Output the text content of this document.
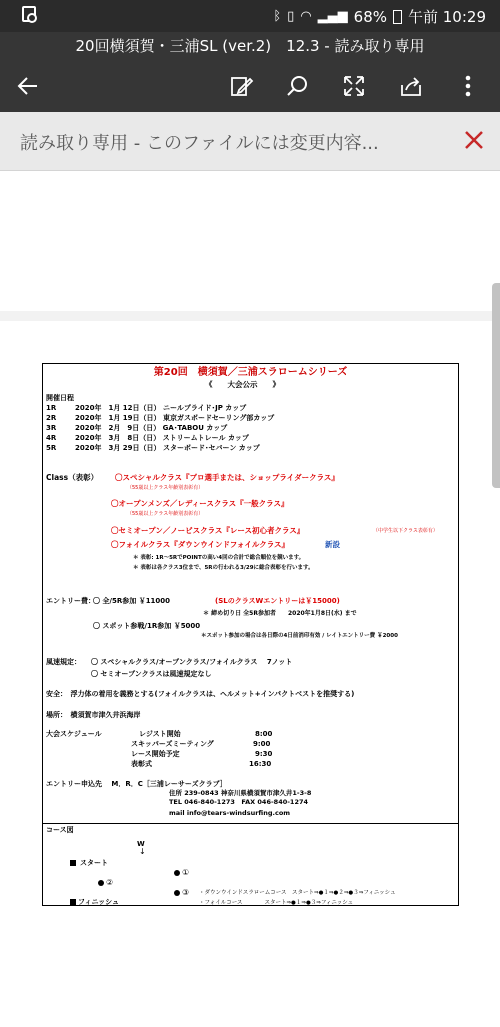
ᛒ ▯ ◠ ▂▄▆ 68% 午前 10:29
20回横須賀・三浦SL (ver.2)　12.3 - 読み取り専用
読み取り専用 - このファイルには変更内容...
第20回　横須賀／三浦スラロームシリーズ
《　　大会公示　　》
開催日程
1R	2020年　1月 12日（日） ニールプライド･JP カップ
2R	2020年　1月 19日（日） 東京ガスボードセーリング部カップ
3R	2020年　2月　9日（日） GA･TABOU カップ
4R	2020年　3月　8日（日） ストリームトレール カップ
5R	2020年　3月 29日（日） スターボード･セバーン カップ
Class（表彰） 〇スペシャルクラス『プロ選手または、ショップライダークラス』
（55歳以上クラス年齢別表彰有）
〇オープンメンズ／レディースクラス『一般クラス』
（55歳以上クラス年齢別表彰有）
〇セミオープン／ノービスクラス『レース初心者クラス』	（中学生以下クラス表彰有）
〇フォイルクラス『ダウンウインドフォイルクラス』	新設
＊ 表彰: 1R～5RでPOINTの高い4回の合計で総合順位を競います。
＊ 表彰は各クラス3位まで、5Rの行われる3/29に総合表彰を行います。
エントリー費：
〇 全/5R参加 ￥11000	(SLのクラスWエントリーは￥15000)
＊ 締め切り日 全5R参加者　　2020年1月8日(水) まで
〇 スポット参戦/1R参加 ￥5000
＊スポット参加の場合は各日際の4日前消印有効 / レイトエントリー費 ￥2000
風速規定： 〇 スペシャルクラス/オープンクラス/フォイルクラス　 7ノット
〇 セミオープンクラスは風速規定なし
安全：　浮力体の着用を義務とする(フォイルクラスは、ヘルメット+インパクトベストを推奨する)
場所：　横須賀市津久井浜海岸
大会スケジュール	レジスト開始	8:00
スキッパーズミーティング	9:00
レース開始予定	9:30
表彰式	16:30
エントリー申込先　 M．R．C［三浦レーサーズクラブ］
住所 239-0843 神奈川県横須賀市津久井1-3-8
TEL 046-840-1273　FAX 046-840-1274
mail info@tears-windsurfing.com
コース図
W
↓
スタート
①
②
③ ・ダウンウインドスラロームコース　スタート⇒●１⇒●２⇒●３⇒フィニッシュ
・フォイルコース　　　　スタート⇒●１⇒●３⇒フィニッシュ
フィニッシュ
